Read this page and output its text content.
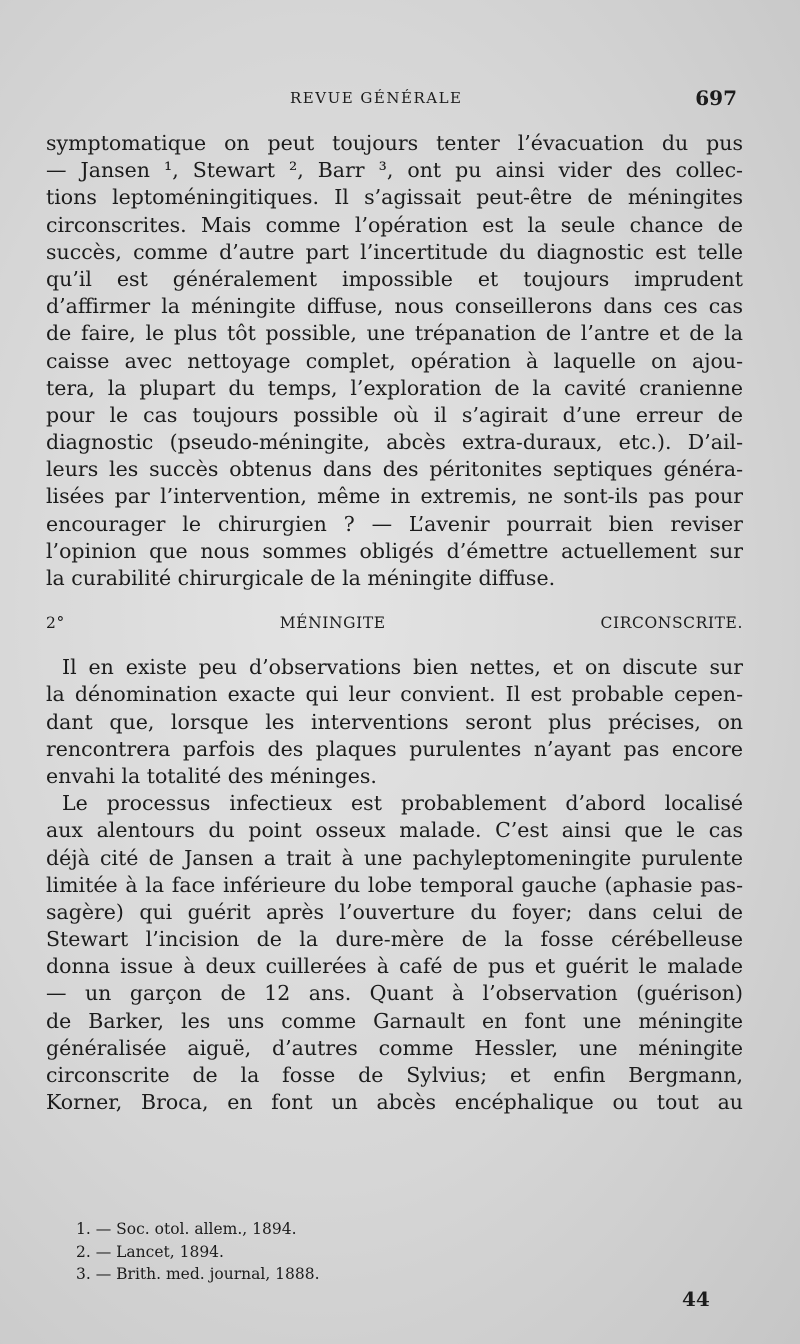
REVUE GÉNÉRALE	697
symptomatique on peut toujours tenter l’évacuation du pus
— Jansen ¹, Stewart ², Barr ³, ont pu ainsi vider des collec-
tions leptoméningitiques. Il s’agissait peut-être de méningites
circonscrites. Mais comme l’opération est la seule chance de
succès, comme d’autre part l’incertitude du diagnostic est telle
qu’il est généralement impossible et toujours imprudent
d’affirmer la méningite diffuse, nous conseillerons dans ces cas
de faire, le plus tôt possible, une trépanation de l’antre et de la
caisse avec nettoyage complet, opération à laquelle on ajou-
tera, la plupart du temps, l’exploration de la cavité cranienne
pour le cas toujours possible où il s’agirait d’une erreur de
diagnostic (pseudo-méningite, abcès extra-duraux, etc.). D’ail-
leurs les succès obtenus dans des péritonites septiques généra-
lisées par l’intervention, même in extremis, ne sont-ils pas pour
encourager le chirurgien ? — L’avenir pourrait bien reviser
l’opinion que nous sommes obligés d’émettre actuellement sur
la curabilité chirurgicale de la méningite diffuse.
2° MÉNINGITE CIRCONSCRITE.
Il en existe peu d’observations bien nettes, et on discute sur
la dénomination exacte qui leur convient. Il est probable cepen-
dant que, lorsque les interventions seront plus précises, on
rencontrera parfois des plaques purulentes n’ayant pas encore
envahi la totalité des méninges.
Le processus infectieux est probablement d’abord localisé
aux alentours du point osseux malade. C’est ainsi que le cas
déjà cité de Jansen a trait à une pachyleptomeningite purulente
limitée à la face inférieure du lobe temporal gauche (aphasie pas-
sagère) qui guérit après l’ouverture du foyer; dans celui de
Stewart l’incision de la dure-mère de la fosse cérébelleuse
donna issue à deux cuillerées à café de pus et guérit le malade
— un garçon de 12 ans. Quant à l’observation (guérison)
de Barker, les uns comme Garnault en font une méningite
généralisée aiguë, d’autres comme Hessler, une méningite
circonscrite de la fosse de Sylvius; et enfin Bergmann,
Korner, Broca, en font un abcès encéphalique ou tout au
1. — Soc. otol. allem., 1894.
2. — Lancet, 1894.
3. — Brith. med. journal, 1888.
44
